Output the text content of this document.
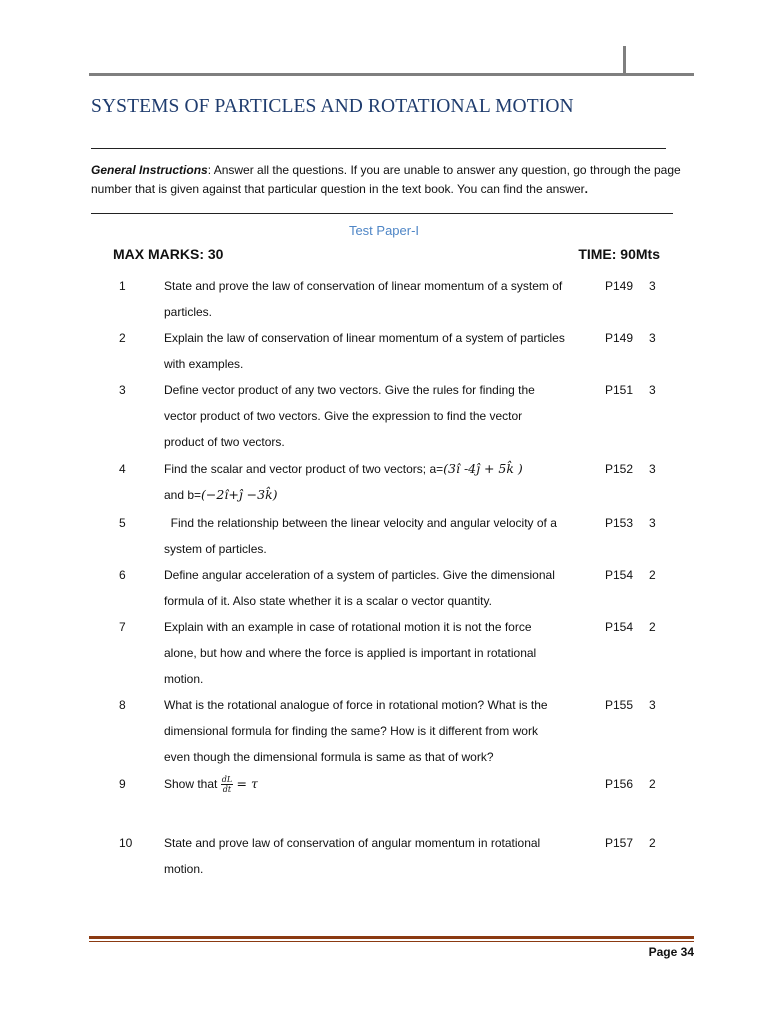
SYSTEMS OF PARTICLES AND ROTATIONAL MOTION
General Instructions: Answer all the questions. If you are unable to answer any question, go through the page number that is given against that particular question in the text book. You can find the answer.
Test Paper-I
MAX MARKS: 30	TIME: 90Mts
1	State and prove the law of conservation of linear momentum of a system of
particles.
P149 3
2	Explain the law of conservation of linear momentum of a system of particles
with examples.
P149 3
3	Define vector product of any two vectors. Give the rules for finding the
vector product of two vectors. Give the expression to find the vector
product of two vectors.
P151 3
4	Find the scalar and vector product of two vectors; a=(3î -4ĵ + 5k̂ )
and b=(−2î+ĵ −3k̂)
P152 3
5	Find the relationship between the linear velocity and angular velocity of a
system of particles.
P153 3
6	Define angular acceleration of a system of particles. Give the dimensional
formula of it. Also state whether it is a scalar o vector quantity.
P154 2
7	Explain with an example in case of rotational motion it is not the force
alone, but how and where the force is applied is important in rotational
motion.
P154 2
8	What is the rotational analogue of force in rotational motion? What is the
dimensional formula for finding the same? How is it different from work
even though the dimensional formula is same as that of work?
P155 3
9	Show that $\frac{dL}{dt} = \tau$	P156 2
10	State and prove law of conservation of angular momentum in rotational
motion.
P157 2
Page 34
